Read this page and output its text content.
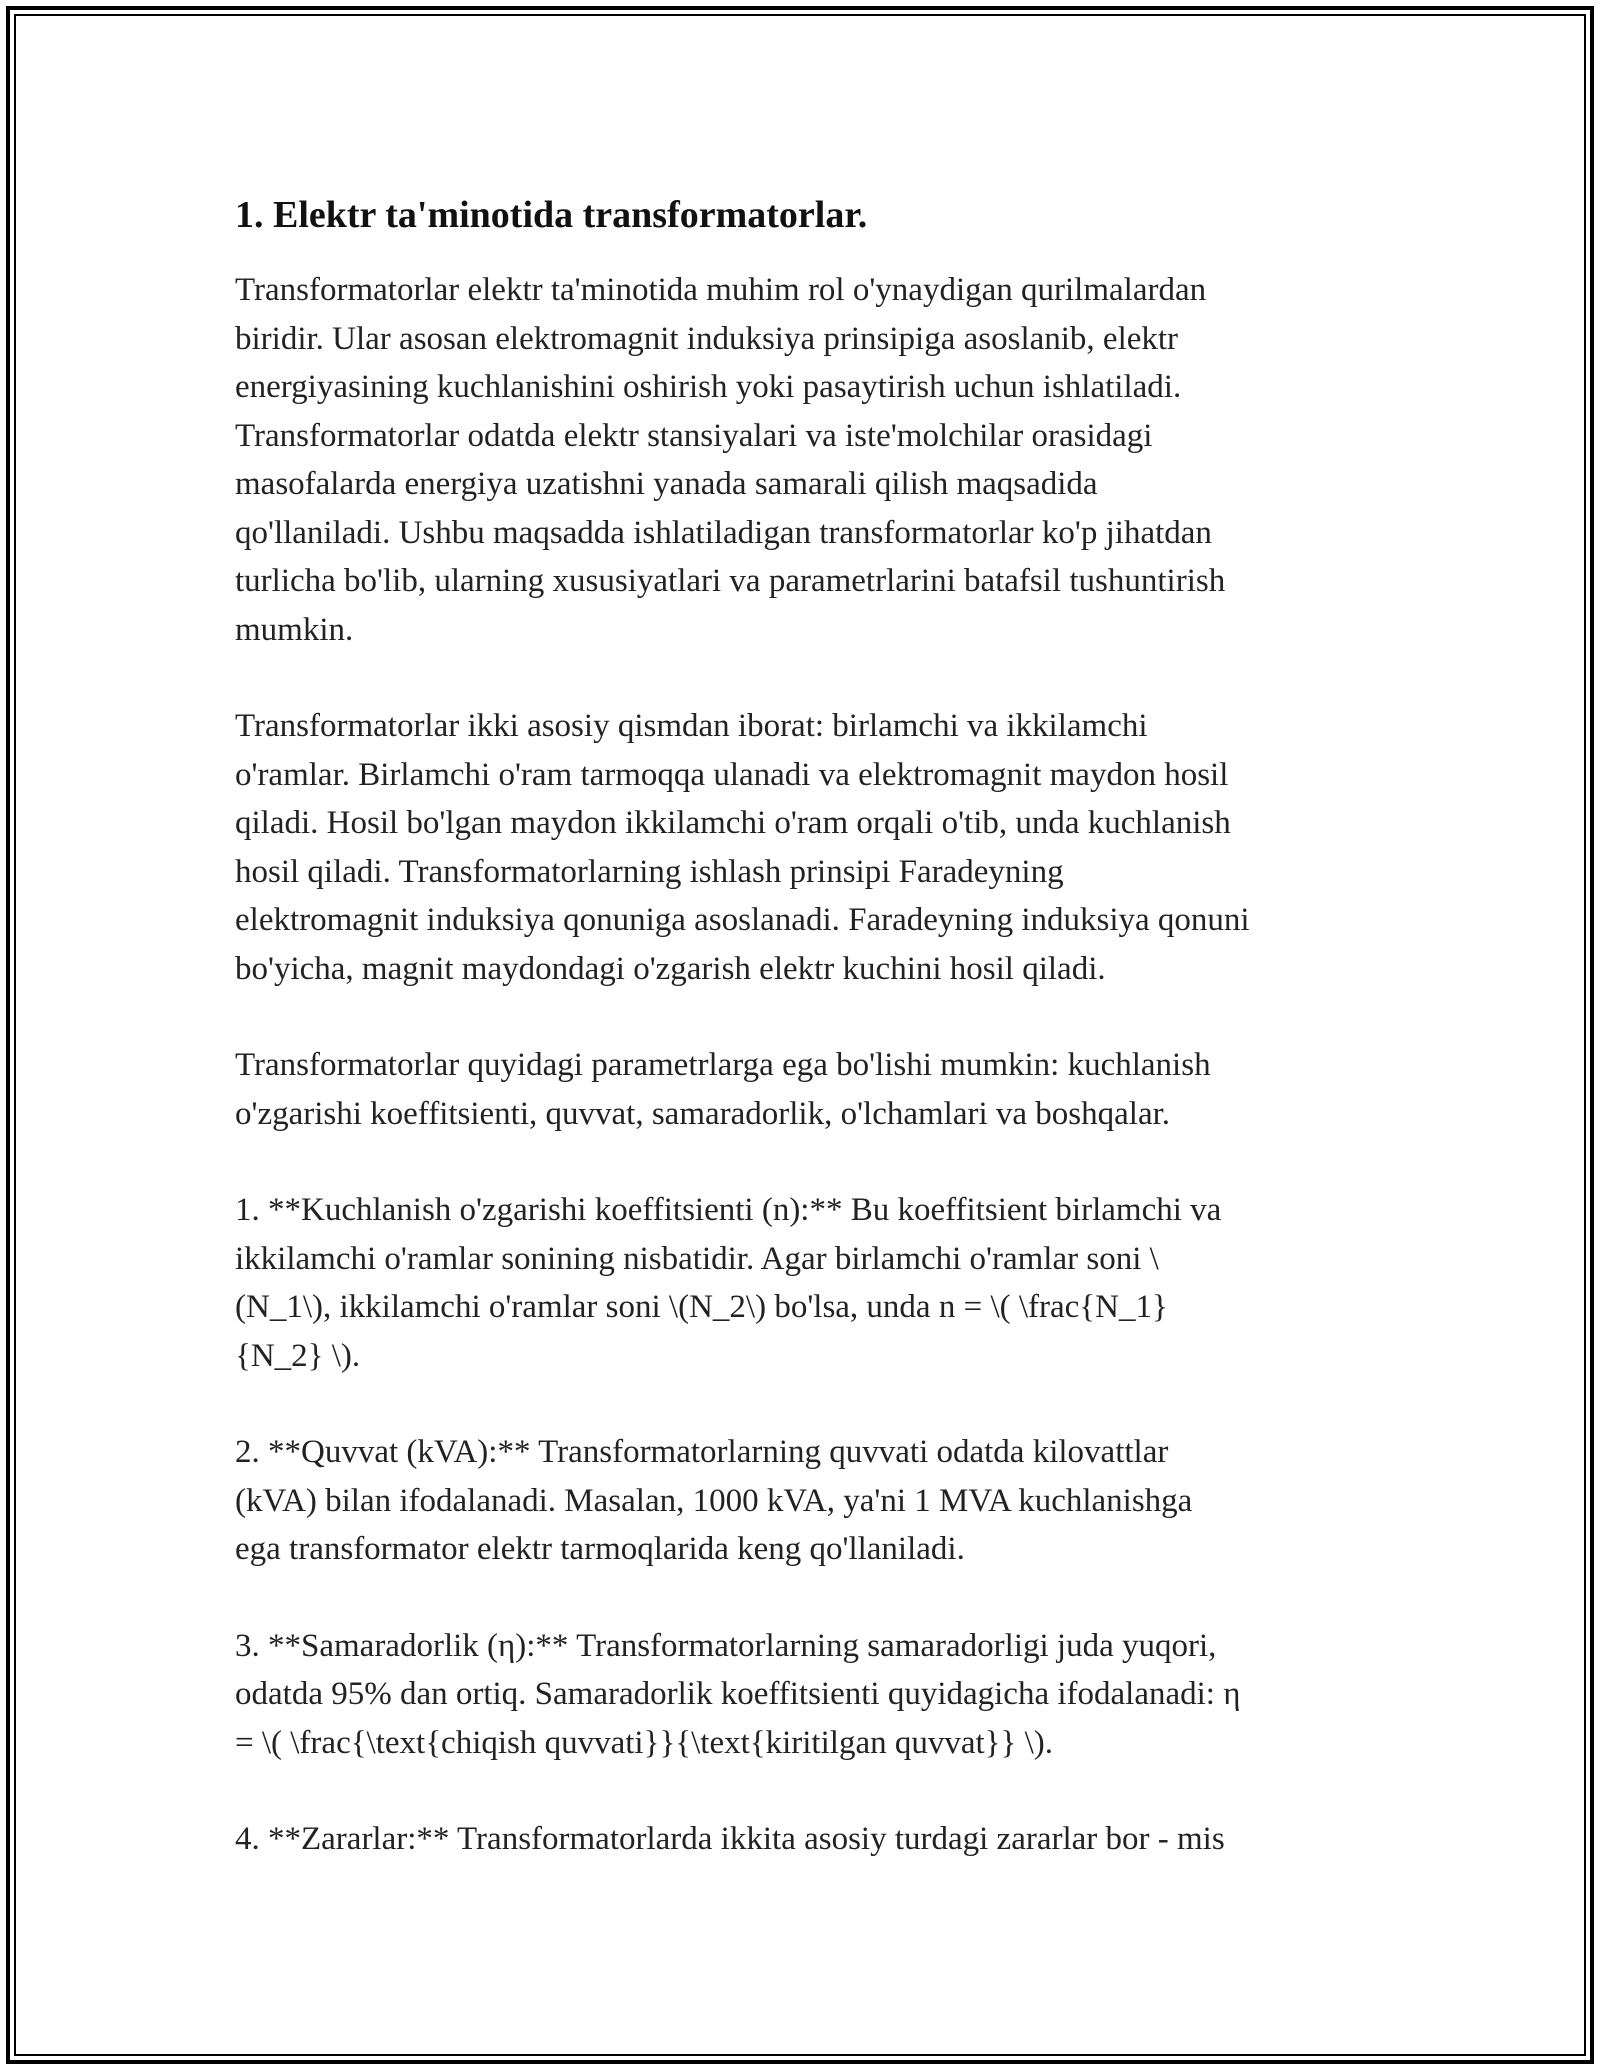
1. Elektr ta'minotida transformatorlar.

Transformatorlar elektr ta'minotida muhim rol o'ynaydigan qurilmalardan
biridir. Ular asosan elektromagnit induksiya prinsipiga asoslanib, elektr
energiyasining kuchlanishini oshirish yoki pasaytirish uchun ishlatiladi.
Transformatorlar odatda elektr stansiyalari va iste'molchilar orasidagi
masofalarda energiya uzatishni yanada samarali qilish maqsadida
qo'llaniladi. Ushbu maqsadda ishlatiladigan transformatorlar ko'p jihatdan
turlicha bo'lib, ularning xususiyatlari va parametrlarini batafsil tushuntirish
mumkin.

Transformatorlar ikki asosiy qismdan iborat: birlamchi va ikkilamchi
o'ramlar. Birlamchi o'ram tarmoqqa ulanadi va elektromagnit maydon hosil
qiladi. Hosil bo'lgan maydon ikkilamchi o'ram orqali o'tib, unda kuchlanish
hosil qiladi. Transformatorlarning ishlash prinsipi Faradeyning
elektromagnit induksiya qonuniga asoslanadi. Faradeyning induksiya qonuni
bo'yicha, magnit maydondagi o'zgarish elektr kuchini hosil qiladi.

Transformatorlar quyidagi parametrlarga ega bo'lishi mumkin: kuchlanish
o'zgarishi koeffitsienti, quvvat, samaradorlik, o'lchamlari va boshqalar.

1. **Kuchlanish o'zgarishi koeffitsienti (n):** Bu koeffitsient birlamchi va
ikkilamchi o'ramlar sonining nisbatidir. Agar birlamchi o'ramlar soni \
(N_1\), ikkilamchi o'ramlar soni \(N_2\) bo'lsa, unda n = \( \frac{N_1}
{N_2} \).

2. **Quvvat (kVA):** Transformatorlarning quvvati odatda kilovattlar
(kVA) bilan ifodalanadi. Masalan, 1000 kVA, ya'ni 1 MVA kuchlanishga
ega transformator elektr tarmoqlarida keng qo'llaniladi.

3. **Samaradorlik (η):** Transformatorlarning samaradorligi juda yuqori,
odatda 95% dan ortiq. Samaradorlik koeffitsienti quyidagicha ifodalanadi: η
= \( \frac{\text{chiqish quvvati}}{\text{kiritilgan quvvat}} \).

4. **Zararlar:** Transformatorlarda ikkita asosiy turdagi zararlar bor - mis
